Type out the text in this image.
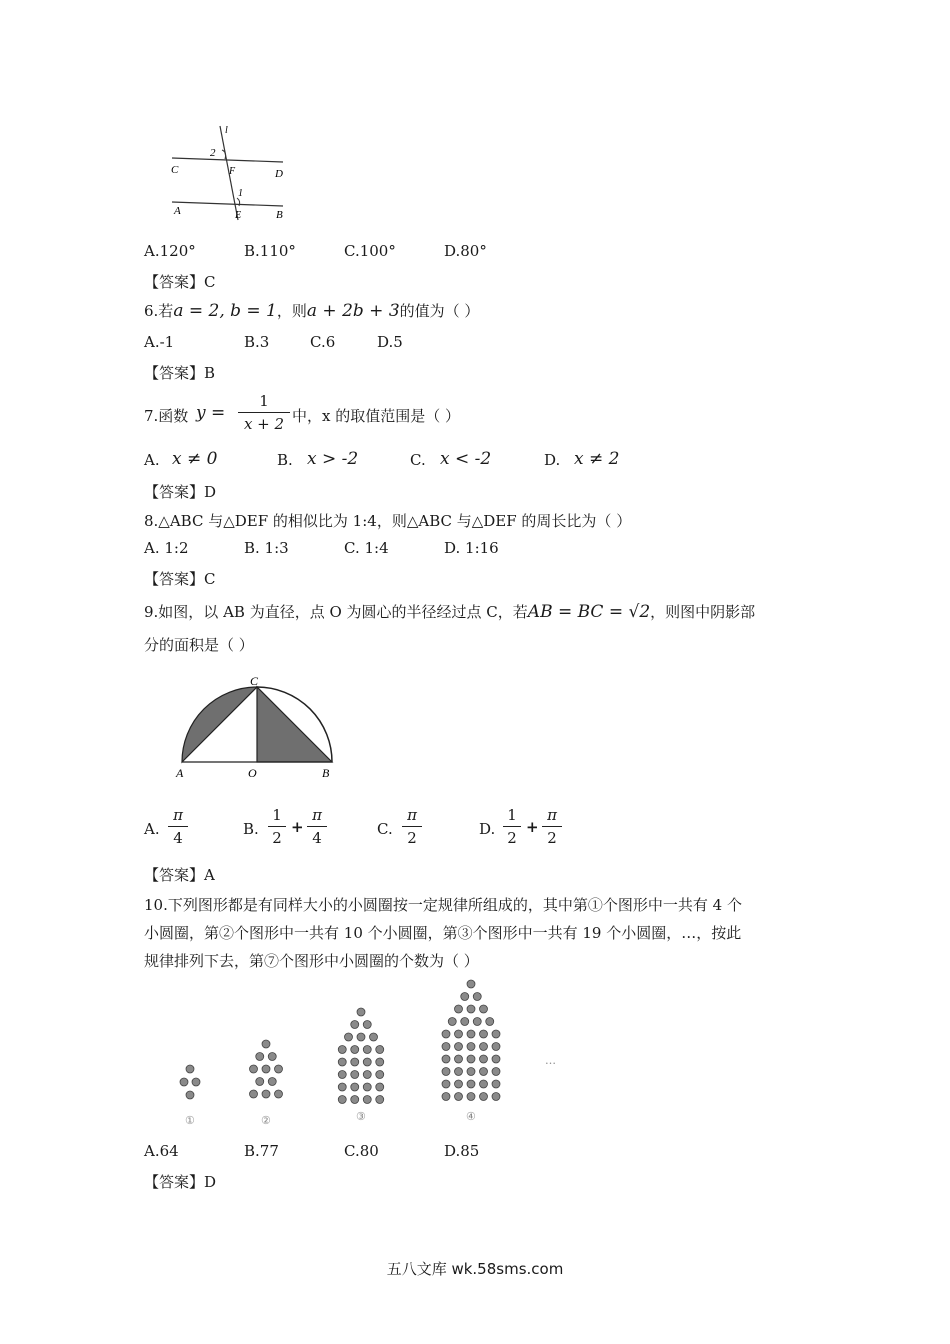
l
2
C	F	D
1
A	E	B
A.120°	B.110°	C.100°	D.80°
【答案】C
6.若a = 2, b = 1，则a + 2b + 3的值为（ ）
A.-1	B.3	C.6	D.5
【答案】B
7.函数 y =
1
x + 2 中，x 的取值范围是（ ）
A. x ≠ 0	B. x > -2	C. x < -2	D. x ≠ 2
【答案】D
8.△ABC 与△DEF 的相似比为 1:4，则△ABC 与△DEF 的周长比为（ ）
A. 1:2	B. 1:3	C. 1:4	D. 1:16
【答案】C
9.如图，以 AB 为直径，点 O 为圆心的半径经过点 C，若AB = BC = √2，则图中阴影部
分的面积是（ ）
C
A	O	B
A.
π
4	B.
1
2
+
π
4	C.
π
2	D.
1
2
+
π
2
【答案】A
10.下列图形都是有同样大小的小圆圈按一定规律所组成的，其中第①个图形中一共有 4 个
小圆圈，第②个图形中一共有 10 个小圆圈，第③个图形中一共有 19 个小圆圈，…，按此
规律排列下去，第⑦个图形中小圆圈的个数为（ ）
①	②	③	④
…
A.64	B.77	C.80	D.85
【答案】D
五八文库 wk.58sms.com
